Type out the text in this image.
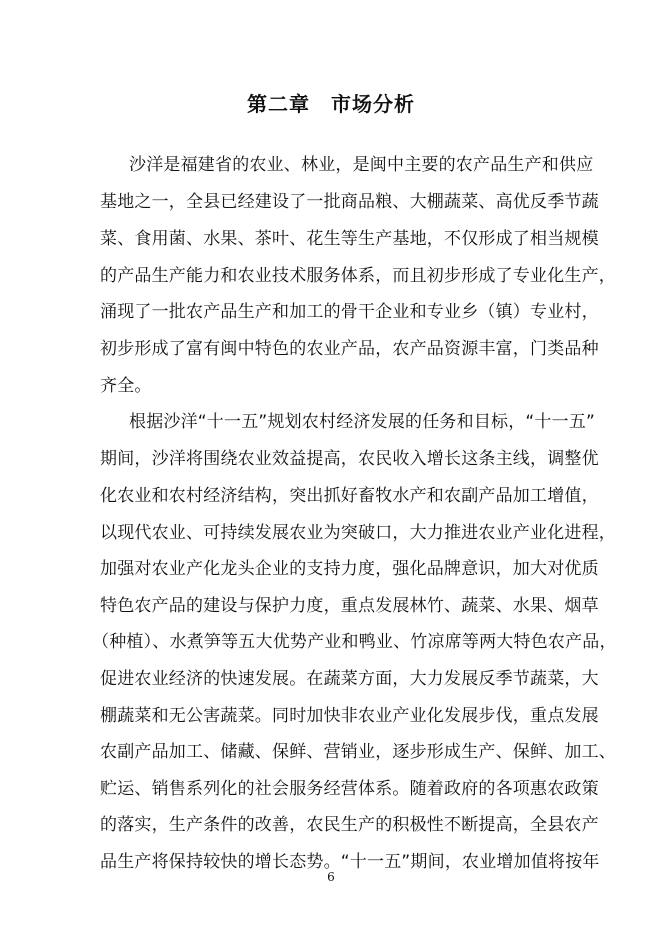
第二章　市场分析
沙洋是福建省的农业、林业，是闽中主要的农产品生产和供应
基地之一，全县已经建设了一批商品粮、大棚蔬菜、高优反季节蔬
菜、食用菌、水果、茶叶、花生等生产基地，不仅形成了相当规模
的产品生产能力和农业技术服务体系，而且初步形成了专业化生产，
涌现了一批农产品生产和加工的骨干企业和专业乡（镇）专业村，
初步形成了富有闽中特色的农业产品，农产品资源丰富，门类品种
齐全。
根据沙洋“十一五”规划农村经济发展的任务和目标，“十一五”
期间，沙洋将围绕农业效益提高，农民收入增长这条主线，调整优
化农业和农村经济结构，突出抓好畜牧水产和农副产品加工增值，
以现代农业、可持续发展农业为突破口，大力推进农业产业化进程，
加强对农业产化龙头企业的支持力度，强化品牌意识，加大对优质
特色农产品的建设与保护力度，重点发展林竹、蔬菜、水果、烟草
（种植）、水煮笋等五大优势产业和鸭业、竹凉席等两大特色农产品，
促进农业经济的快速发展。在蔬菜方面，大力发展反季节蔬菜，大
棚蔬菜和无公害蔬菜。同时加快非农业产业化发展步伐，重点发展
农副产品加工、储藏、保鲜、营销业，逐步形成生产、保鲜、加工、
贮运、销售系列化的社会服务经营体系。随着政府的各项惠农政策
的落实，生产条件的改善，农民生产的积极性不断提高，全县农产
品生产将保持较快的增长态势。“十一五”期间，农业增加值将按年
6
